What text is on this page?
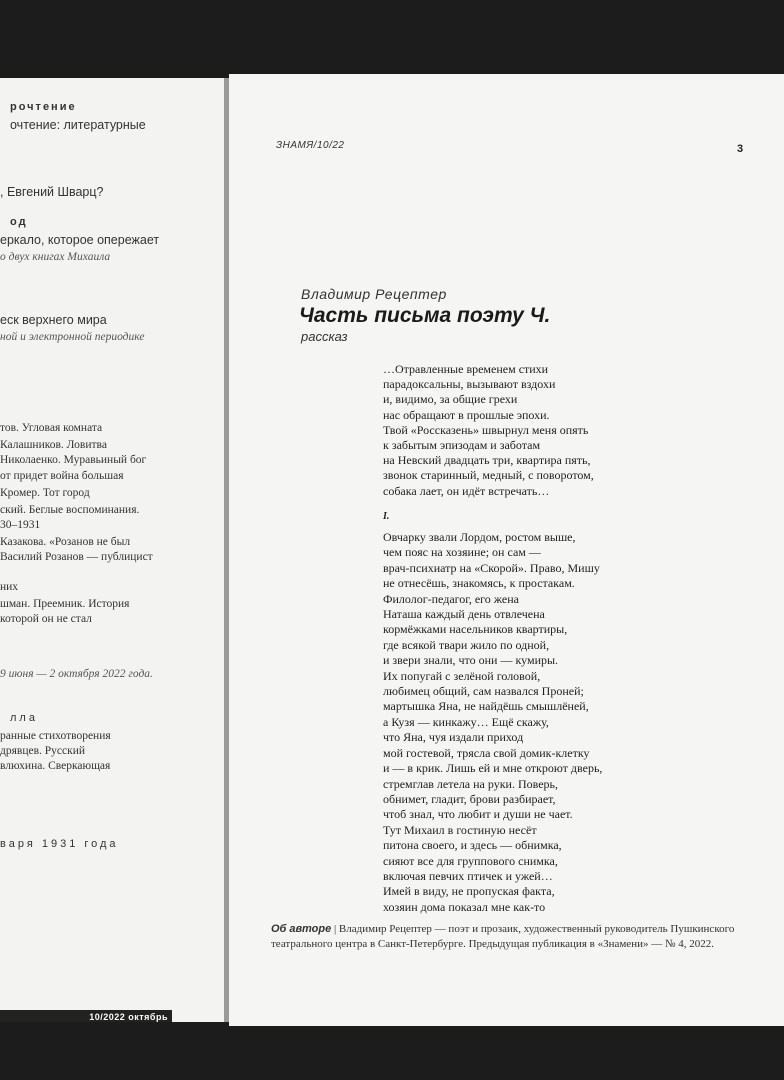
рочтение
очтение: литературные
, Евгений Шварц?
од
еркало, которое опережает
о двух книгах Михаила
еск верхнего мира
ной и электронной периодике
тов. Угловая комната
Калашников. Ловитва
Николаенко. Муравьиный бог
от придет война большая
Кромер. Тот город
ский. Беглые воспоминания.
30–1931
Казакова. «Розанов не был
Василий Розанов — публицист
них
шман. Преемник. История
которой он не стал
9 июня — 2 октября 2022 года.
лла
ранные стихотворения
дрявцев. Русский
влюхина. Сверкающая
варя 1931 года
10/2022 октябрь
ЗНАМЯ/10/22	3
Владимир Рецептер
Часть письма поэту Ч.
рассказ
…Отравленные временем стихи
парадоксальны, вызывают вздохи
и, видимо, за общие грехи
нас обращают в прошлые эпохи.
Твой «Россказень» швырнул меня опять
к забытым эпизодам и заботам
на Невский двадцать три, квартира пять,
звонок старинный, медный, с поворотом,
собака лает, он идёт встречать…
I.
Овчарку звали Лордом, ростом выше,
чем пояс на хозяине; он сам —
врач-психиатр на «Скорой». Право, Мишу
не отнесёшь, знакомясь, к простакам.
Филолог-педагог, его жена
Наташа каждый день отвлечена
кормёжками насельников квартиры,
где всякой твари жило по одной,
и звери знали, что они — кумиры.
Их попугай с зелёной головой,
любимец общий, сам назвался Проней;
мартышка Яна, не найдёшь смышлёней,
а Кузя — кинкажу… Ещё скажу,
что Яна, чуя издали приход
мой гостевой, трясла свой домик-клетку
и — в крик. Лишь ей и мне откроют дверь,
стремглав летела на руки. Поверь,
обнимет, гладит, брови разбирает,
чтоб знал, что любит и души не чает.
Тут Михаил в гостиную несёт
питона своего, и здесь — обнимка,
сияют все для группового снимка,
включая певчих птичек и ужей…
Имей в виду, не пропуская факта,
хозяин дома показал мне как-то
Об авторе | Владимир Рецептер — поэт и прозаик, художественный руководитель Пушкинского театрального центра в Санкт-Петербурге. Предыдущая публикация в «Знамени» — № 4, 2022.
